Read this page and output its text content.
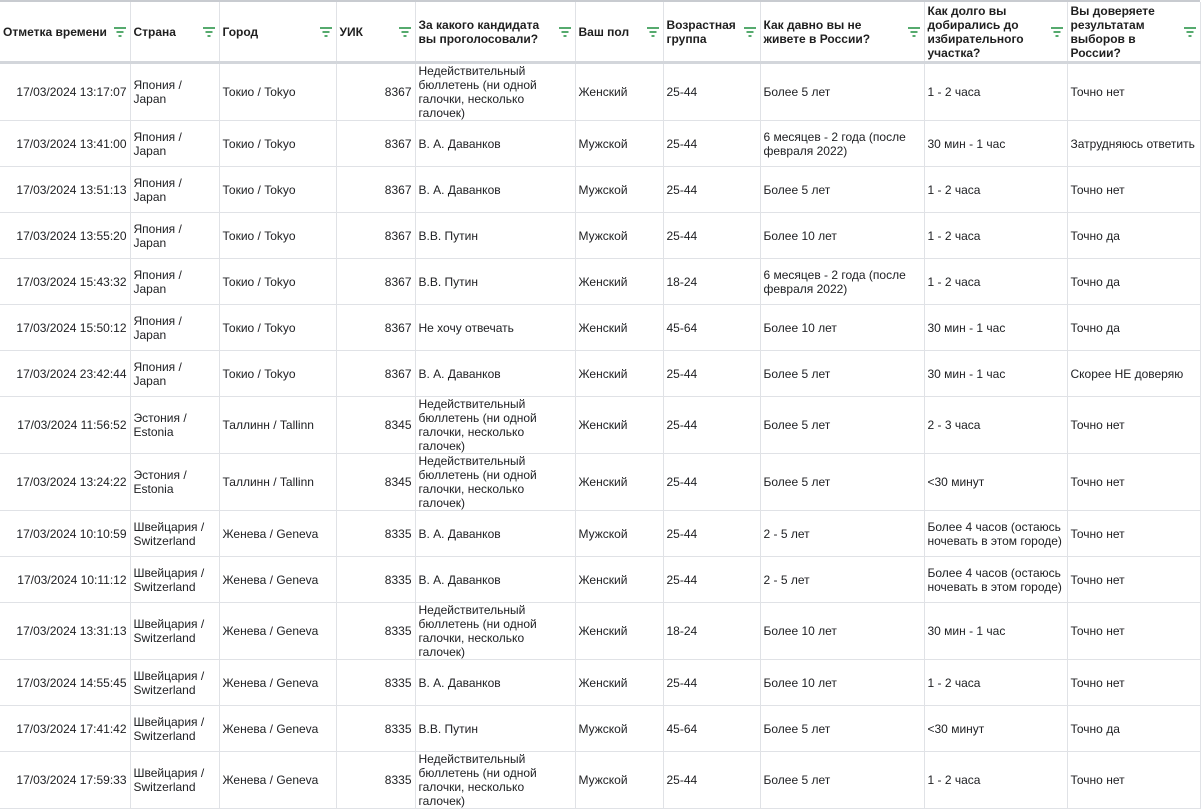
Отметка времени	Страна	Город	УИК	За какого кандидата вы проголосовали?	Ваш пол	Возрастная группа	Как давно вы не живете в России?	Как долго вы добирались до избирательного участка?	Вы доверяете результатам выборов в России?

17/03/2024 13:17:07	Япония / Japan	Токио / Tokyo	8367	Недействительный бюллетень (ни одной галочки, несколько галочек)	Женский	25-44	Более 5 лет	1 - 2 часа	Точно нет
17/03/2024 13:41:00	Япония / Japan	Токио / Tokyo	8367	В. А. Даванков	Мужской	25-44	6 месяцев - 2 года (после февраля 2022)	30 мин - 1 час	Затрудняюсь ответить
17/03/2024 13:51:13	Япония / Japan	Токио / Tokyo	8367	В. А. Даванков	Мужской	25-44	Более 5 лет	1 - 2 часа	Точно нет
17/03/2024 13:55:20	Япония / Japan	Токио / Tokyo	8367	В.В. Путин	Мужской	25-44	Более 10 лет	1 - 2 часа	Точно да
17/03/2024 15:43:32	Япония / Japan	Токио / Tokyo	8367	В.В. Путин	Женский	18-24	6 месяцев - 2 года (после февраля 2022)	1 - 2 часа	Точно да
17/03/2024 15:50:12	Япония / Japan	Токио / Tokyo	8367	Не хочу отвечать	Женский	45-64	Более 10 лет	30 мин - 1 час	Точно да
17/03/2024 23:42:44	Япония / Japan	Токио / Tokyo	8367	В. А. Даванков	Женский	25-44	Более 5 лет	30 мин - 1 час	Скорее НЕ доверяю
17/03/2024 11:56:52	Эстония / Estonia	Таллинн / Tallinn	8345	Недействительный бюллетень (ни одной галочки, несколько галочек)	Женский	25-44	Более 5 лет	2 - 3 часа	Точно нет
17/03/2024 13:24:22	Эстония / Estonia	Таллинн / Tallinn	8345	Недействительный бюллетень (ни одной галочки, несколько галочек)	Женский	25-44	Более 5 лет	<30 минут	Точно нет
17/03/2024 10:10:59	Швейцария / Switzerland	Женева / Geneva	8335	В. А. Даванков	Мужской	25-44	2 - 5 лет	Более 4 часов (остаюсь ночевать в этом городе)	Точно нет
17/03/2024 10:11:12	Швейцария / Switzerland	Женева / Geneva	8335	В. А. Даванков	Женский	25-44	2 - 5 лет	Более 4 часов (остаюсь ночевать в этом городе)	Точно нет
17/03/2024 13:31:13	Швейцария / Switzerland	Женева / Geneva	8335	Недействительный бюллетень (ни одной галочки, несколько галочек)	Женский	18-24	Более 10 лет	30 мин - 1 час	Точно нет
17/03/2024 14:55:45	Швейцария / Switzerland	Женева / Geneva	8335	В. А. Даванков	Женский	25-44	Более 10 лет	1 - 2 часа	Точно нет
17/03/2024 17:41:42	Швейцария / Switzerland	Женева / Geneva	8335	В.В. Путин	Мужской	45-64	Более 5 лет	<30 минут	Точно да
17/03/2024 17:59:33	Швейцария / Switzerland	Женева / Geneva	8335	Недействительный бюллетень (ни одной галочки, несколько галочек)	Мужской	25-44	Более 5 лет	1 - 2 часа	Точно нет
